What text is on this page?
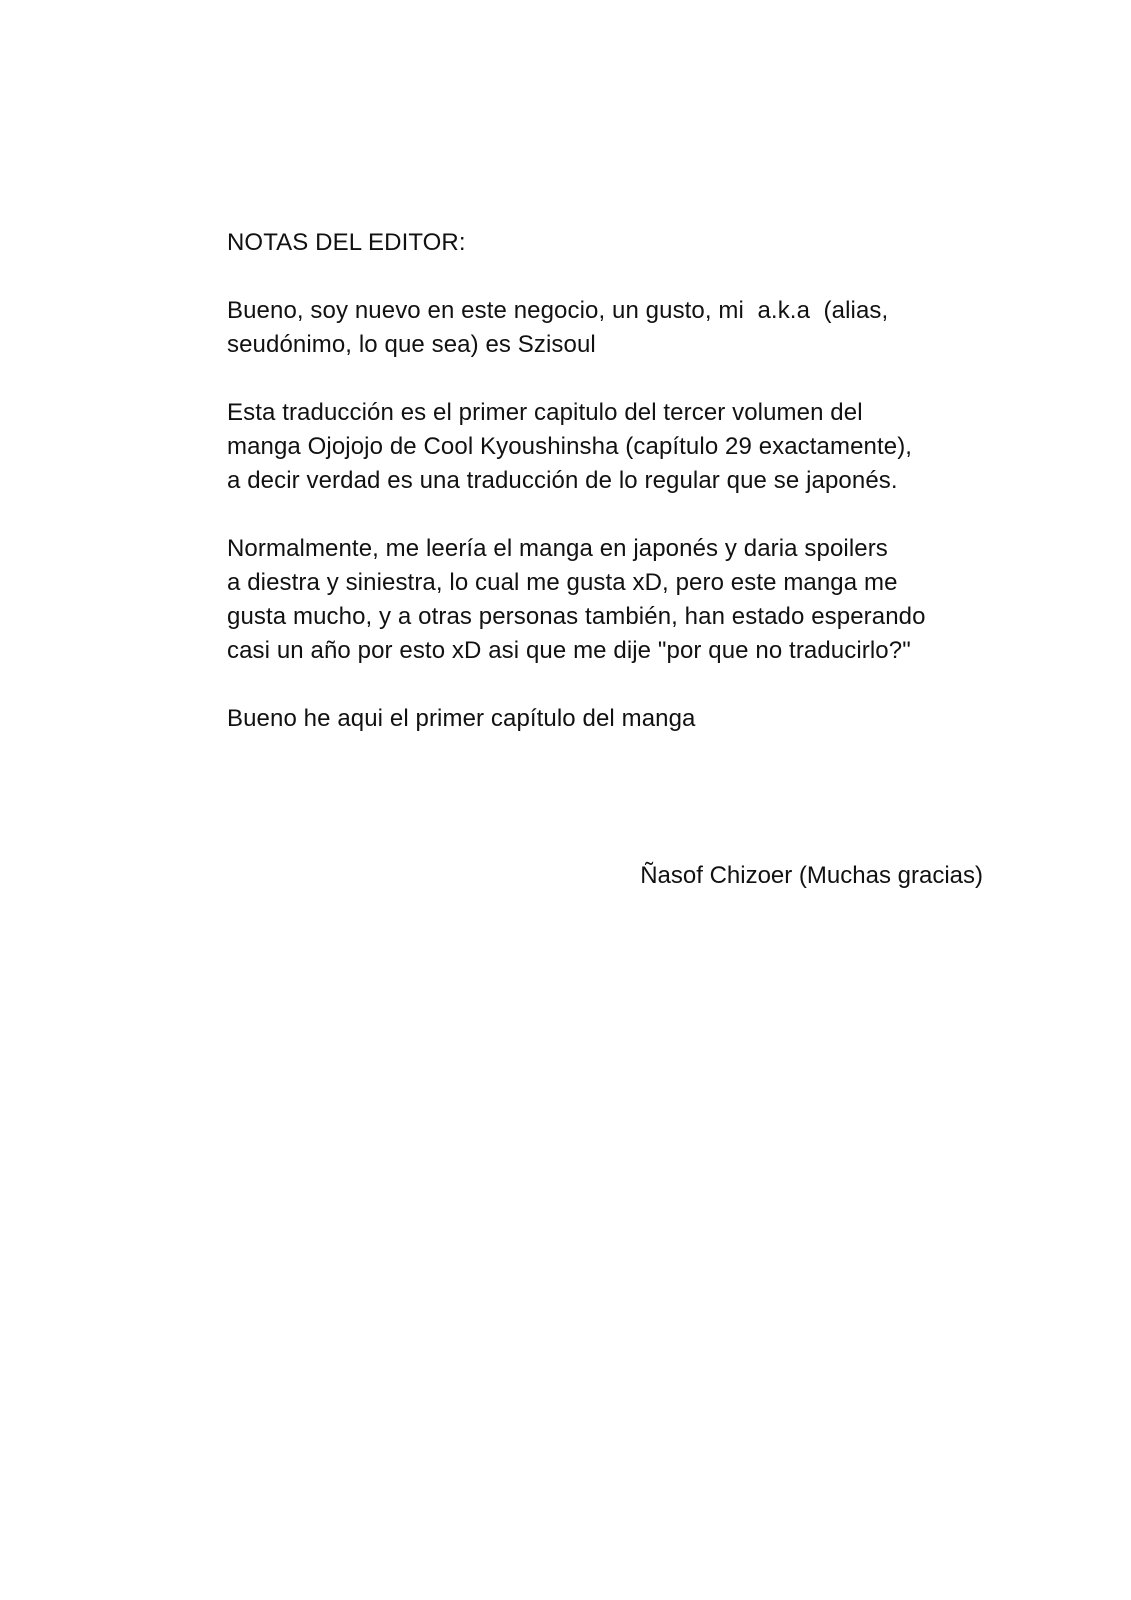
NOTAS DEL EDITOR:
Bueno, soy nuevo en este negocio, un gusto, mi  a.k.a  (alias,
seudónimo, lo que sea) es Szisoul
Esta traducción es el primer capitulo del tercer volumen del
manga Ojojojo de Cool Kyoushinsha (capítulo 29 exactamente),
a decir verdad es una traducción de lo regular que se japonés.
Normalmente, me leería el manga en japonés y daria spoilers
a diestra y siniestra, lo cual me gusta xD, pero este manga me
gusta mucho, y a otras personas también, han estado esperando
casi un año por esto xD asi que me dije "por que no traducirlo?"
Bueno he aqui el primer capítulo del manga
Ñasof Chizoer (Muchas gracias)
